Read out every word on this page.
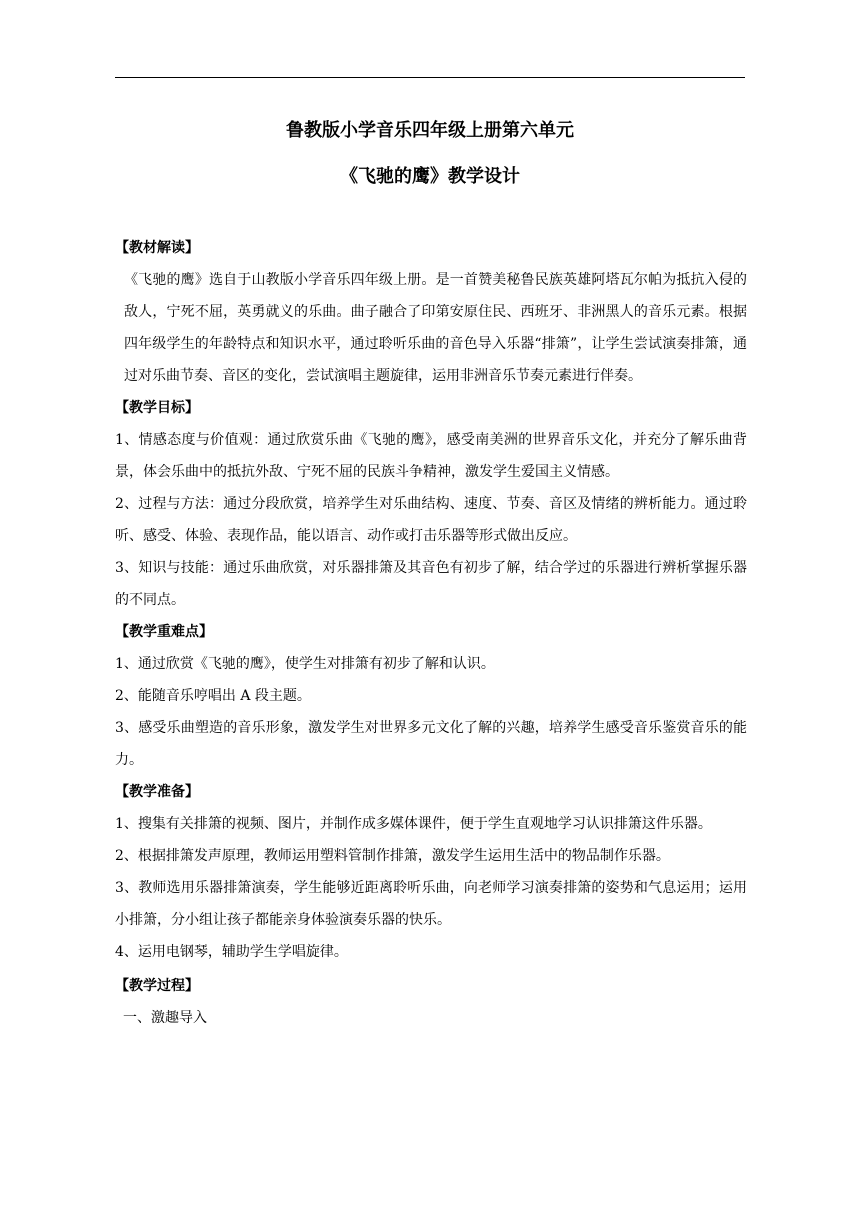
鲁教版小学音乐四年级上册第六单元
《飞驰的鹰》教学设计
【教材解读】

《飞驰的鹰》选自于山教版小学音乐四年级上册。是一首赞美秘鲁民族英雄阿塔瓦尔帕为抵抗入侵的敌人，宁死不屈，英勇就义的乐曲。曲子融合了印第安原住民、西班牙、非洲黑人的音乐元素。根据四年级学生的年龄特点和知识水平，通过聆听乐曲的音色导入乐器“排箫”，让学生尝试演奏排箫，通过对乐曲节奏、音区的变化，尝试演唱主题旋律，运用非洲音乐节奏元素进行伴奏。

【教学目标】

1、情感态度与价值观：通过欣赏乐曲《飞驰的鹰》，感受南美洲的世界音乐文化，并充分了解乐曲背景，体会乐曲中的抵抗外敌、宁死不屈的民族斗争精神，激发学生爱国主义情感。

2、过程与方法：通过分段欣赏，培养学生对乐曲结构、速度、节奏、音区及情绪的辨析能力。通过聆听、感受、体验、表现作品，能以语言、动作或打击乐器等形式做出反应。

3、知识与技能：通过乐曲欣赏，对乐器排箫及其音色有初步了解，结合学过的乐器进行辨析掌握乐器的不同点。

【教学重难点】

1、通过欣赏《飞驰的鹰》，使学生对排箫有初步了解和认识。

2、能随音乐哼唱出 A 段主题。

3、感受乐曲塑造的音乐形象，激发学生对世界多元文化了解的兴趣，培养学生感受音乐鉴赏音乐的能力。

【教学准备】

1、搜集有关排箫的视频、图片，并制作成多媒体课件，便于学生直观地学习认识排箫这件乐器。

2、根据排箫发声原理，教师运用塑料管制作排箫，激发学生运用生活中的物品制作乐器。

3、教师选用乐器排箫演奏，学生能够近距离聆听乐曲，向老师学习演奏排箫的姿势和气息运用；运用小排箫，分小组让孩子都能亲身体验演奏乐器的快乐。

4、运用电钢琴，辅助学生学唱旋律。

【教学过程】

一、激趣导入
